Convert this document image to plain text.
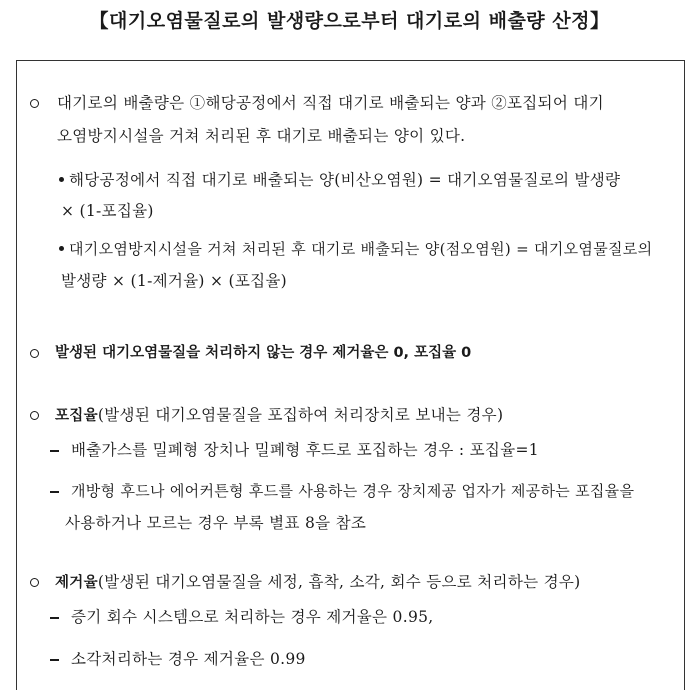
【대기오염물질로의 발생량으로부터 대기로의 배출량 산정】
대기로의 배출량은 ①해당공정에서 직접 대기로 배출되는 양과 ②포집되어 대기
오염방지시설을 거쳐 처리된 후 대기로 배출되는 양이 있다.
해당공정에서 직접 대기로 배출되는 양(비산오염원) = 대기오염물질로의 발생량
× (1-포집율)
대기오염방지시설을 거쳐 처리된 후 대기로 배출되는 양(점오염원) = 대기오염물질로의
발생량 × (1-제거율) × (포집율)
발생된 대기오염물질을 처리하지 않는 경우 제거율은 0, 포집율 0
포집율(발생된 대기오염물질을 포집하여 처리장치로 보내는 경우)
배출가스를 밀폐형 장치나 밀폐형 후드로 포집하는 경우 : 포집율=1
개방형 후드나 에어커튼형 후드를 사용하는 경우 장치제공 업자가 제공하는 포집율을
사용하거나 모르는 경우 부록 별표 8을 참조
제거율(발생된 대기오염물질을 세정, 흡착, 소각, 회수 등으로 처리하는 경우)
증기 회수 시스템으로 처리하는 경우 제거율은 0.95,
소각처리하는 경우 제거율은 0.99
